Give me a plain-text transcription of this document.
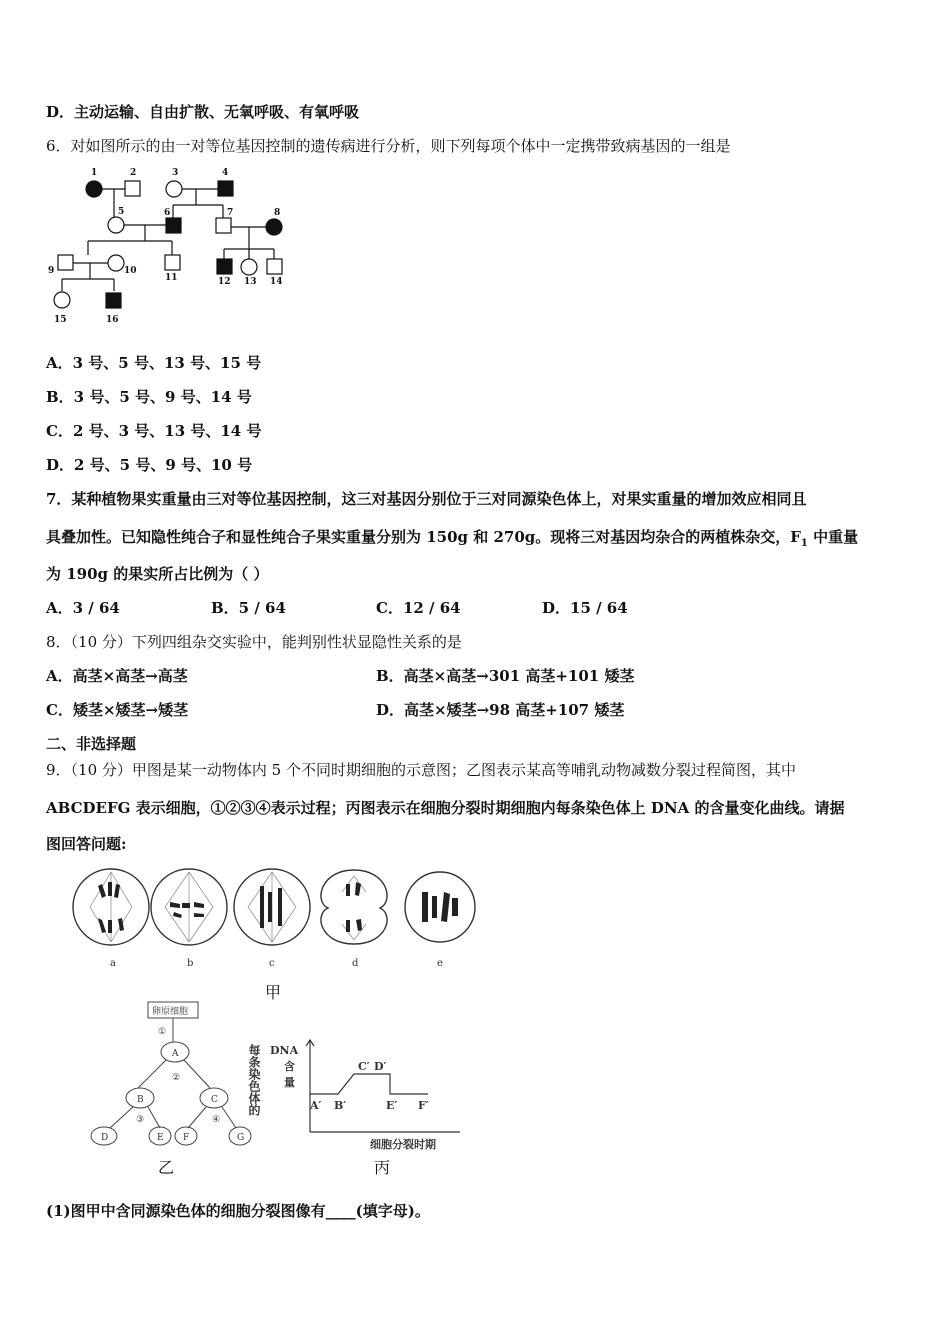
D．主动运输、自由扩散、无氧呼吸、有氧呼吸
6．对如图所示的由一对等位基因控制的遗传病进行分析，则下列每项个体中一定携带致病基因的一组是
1	2	3	4
5	6	7	8
9	10
11	12 13 14
15	16
A．3 号、5 号、13 号、15 号
B．3 号、5 号、9 号、14 号
C．2 号、3 号、13 号、14 号
D．2 号、5 号、9 号、10 号
7．某种植物果实重量由三对等位基因控制，这三对基因分别位于三对同源染色体上，对果实重量的增加效应相同且
具叠加性。已知隐性纯合子和显性纯合子果实重量分别为 150g 和 270g。现将三对基因均杂合的两植株杂交，$F_1$ 中重量
为 190g 的果实所占比例为（ ）
A．3 / 64	B．5 / 64	C．12 / 64	D．15 / 64
8．（10 分）下列四组杂交实验中，能判别性状显隐性关系的是
A．高茎×高茎→高茎	B．高茎×高茎→301 高茎+101 矮茎
C．矮茎×矮茎→矮茎	D．高茎×矮茎→98 高茎+107 矮茎
二、非选择题
9．（10 分）甲图是某一动物体内 5 个不同时期细胞的示意图；乙图表示某高等哺乳动物减数分裂过程简图，其中
ABCDEFG 表示细胞，①②③④表示过程；丙图表示在细胞分裂时期细胞内每条染色体上 DNA 的含量变化曲线。请据
图回答问题:
a	b	c	d	e
甲
卵原细胞
①
A
②
B	C
③	④
D	E F	G
乙
每条染色体的 DNA
含
量
A′ B′
C′ D′
E′ F′
细胞分裂时期
丙
(1)图甲中含同源染色体的细胞分裂图像有____(填字母)。
